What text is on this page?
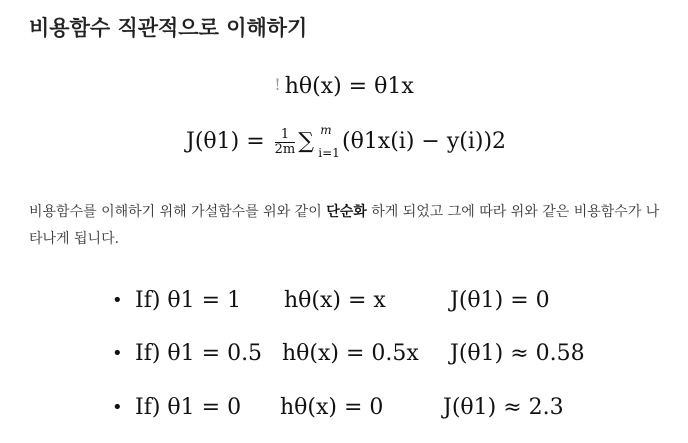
비용함수 직관적으로 이해하기
! hθ(x) = θ1x
$J(\theta 1) = \frac{1}{2m}$ ∑ m
i=1 (θ1x(i) − y(i))2

비용함수를 이해하기 위해 가설함수를 위와 같이 단순화 하게 되었고 그에 따라 위와 같은 비용함수가 나타나게 됩니다.

• If) θ1 = 1 hθ(x) = x	J(θ1) = 0
• If) θ1 = 0.5 hθ(x) = 0.5x J(θ1) ≈ 0.58
• If) θ1 = 0 hθ(x) = 0	J(θ1) ≈ 2.3
